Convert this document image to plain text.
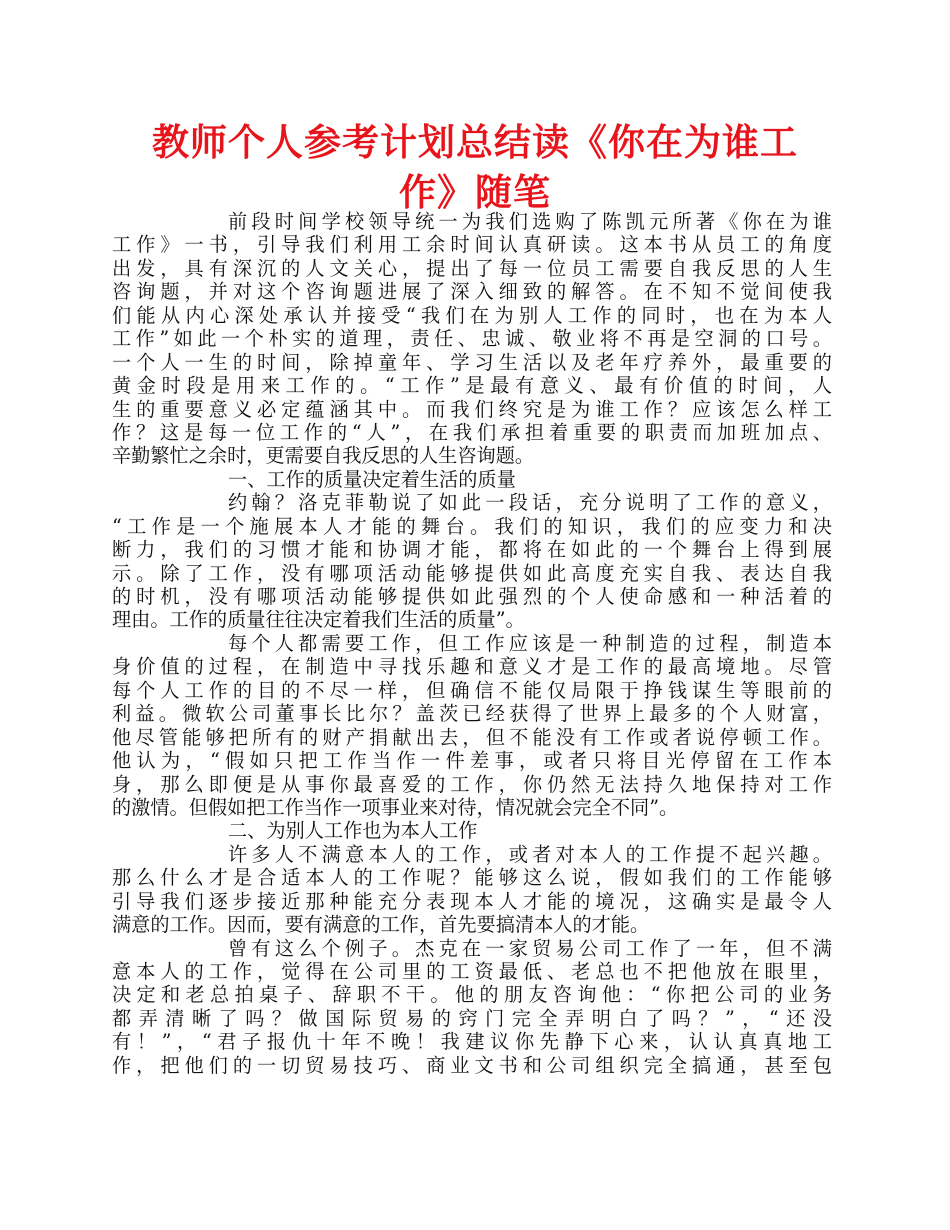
教师个人参考计划总结读《你在为谁工
作》随笔
前段时间学校领导统一为我们选购了陈凯元所著《你在为谁
工作》一书，引导我们利用工余时间认真研读。这本书从员工的角度
出发，具有深沉的人文关心，提出了每一位员工需要自我反思的人生
咨询题，并对这个咨询题进展了深入细致的解答。在不知不觉间使我
们能从内心深处承认并接受“我们在为别人工作的同时，也在为本人
工作”如此一个朴实的道理，责任、忠诚、敬业将不再是空洞的口号。
一个人一生的时间，除掉童年、学习生活以及老年疗养外，最重要的
黄金时段是用来工作的。“工作”是最有意义、最有价值的时间，人
生的重要意义必定蕴涵其中。而我们终究是为谁工作？应该怎么样工
作？这是每一位工作的“人”，在我们承担着重要的职责而加班加点、
辛勤繁忙之余时，更需要自我反思的人生咨询题。
一、工作的质量决定着生活的质量
约翰？洛克菲勒说了如此一段话，充分说明了工作的意义，
“工作是一个施展本人才能的舞台。我们的知识，我们的应变力和决
断力，我们的习惯才能和协调才能，都将在如此的一个舞台上得到展
示。除了工作，没有哪项活动能够提供如此高度充实自我、表达自我
的时机，没有哪项活动能够提供如此强烈的个人使命感和一种活着的
理由。工作的质量往往决定着我们生活的质量”。
每个人都需要工作，但工作应该是一种制造的过程，制造本
身价值的过程，在制造中寻找乐趣和意义才是工作的最高境地。尽管
每个人工作的目的不尽一样，但确信不能仅局限于挣钱谋生等眼前的
利益。微软公司董事长比尔？盖茨已经获得了世界上最多的个人财富，
他尽管能够把所有的财产捐献出去，但不能没有工作或者说停顿工作。
他认为，“假如只把工作当作一件差事，或者只将目光停留在工作本
身，那么即便是从事你最喜爱的工作，你仍然无法持久地保持对工作
的激情。但假如把工作当作一项事业来对待，情况就会完全不同”。
二、为别人工作也为本人工作
许多人不满意本人的工作，或者对本人的工作提不起兴趣。
那么什么才是合适本人的工作呢？能够这么说，假如我们的工作能够
引导我们逐步接近那种能充分表现本人才能的境况，这确实是最令人
满意的工作。因而，要有满意的工作，首先要搞清本人的才能。
曾有这么个例子。杰克在一家贸易公司工作了一年，但不满
意本人的工作，觉得在公司里的工资最低、老总也不把他放在眼里，
决定和老总拍桌子、辞职不干。他的朋友咨询他：“你把公司的业务
都弄清晰了吗？做国际贸易的窍门完全弄明白了吗？”，“还没
有！”，“君子报仇十年不晚！我建议你先静下心来，认认真真地工
作，把他们的一切贸易技巧、商业文书和公司组织完全搞通，甚至包
